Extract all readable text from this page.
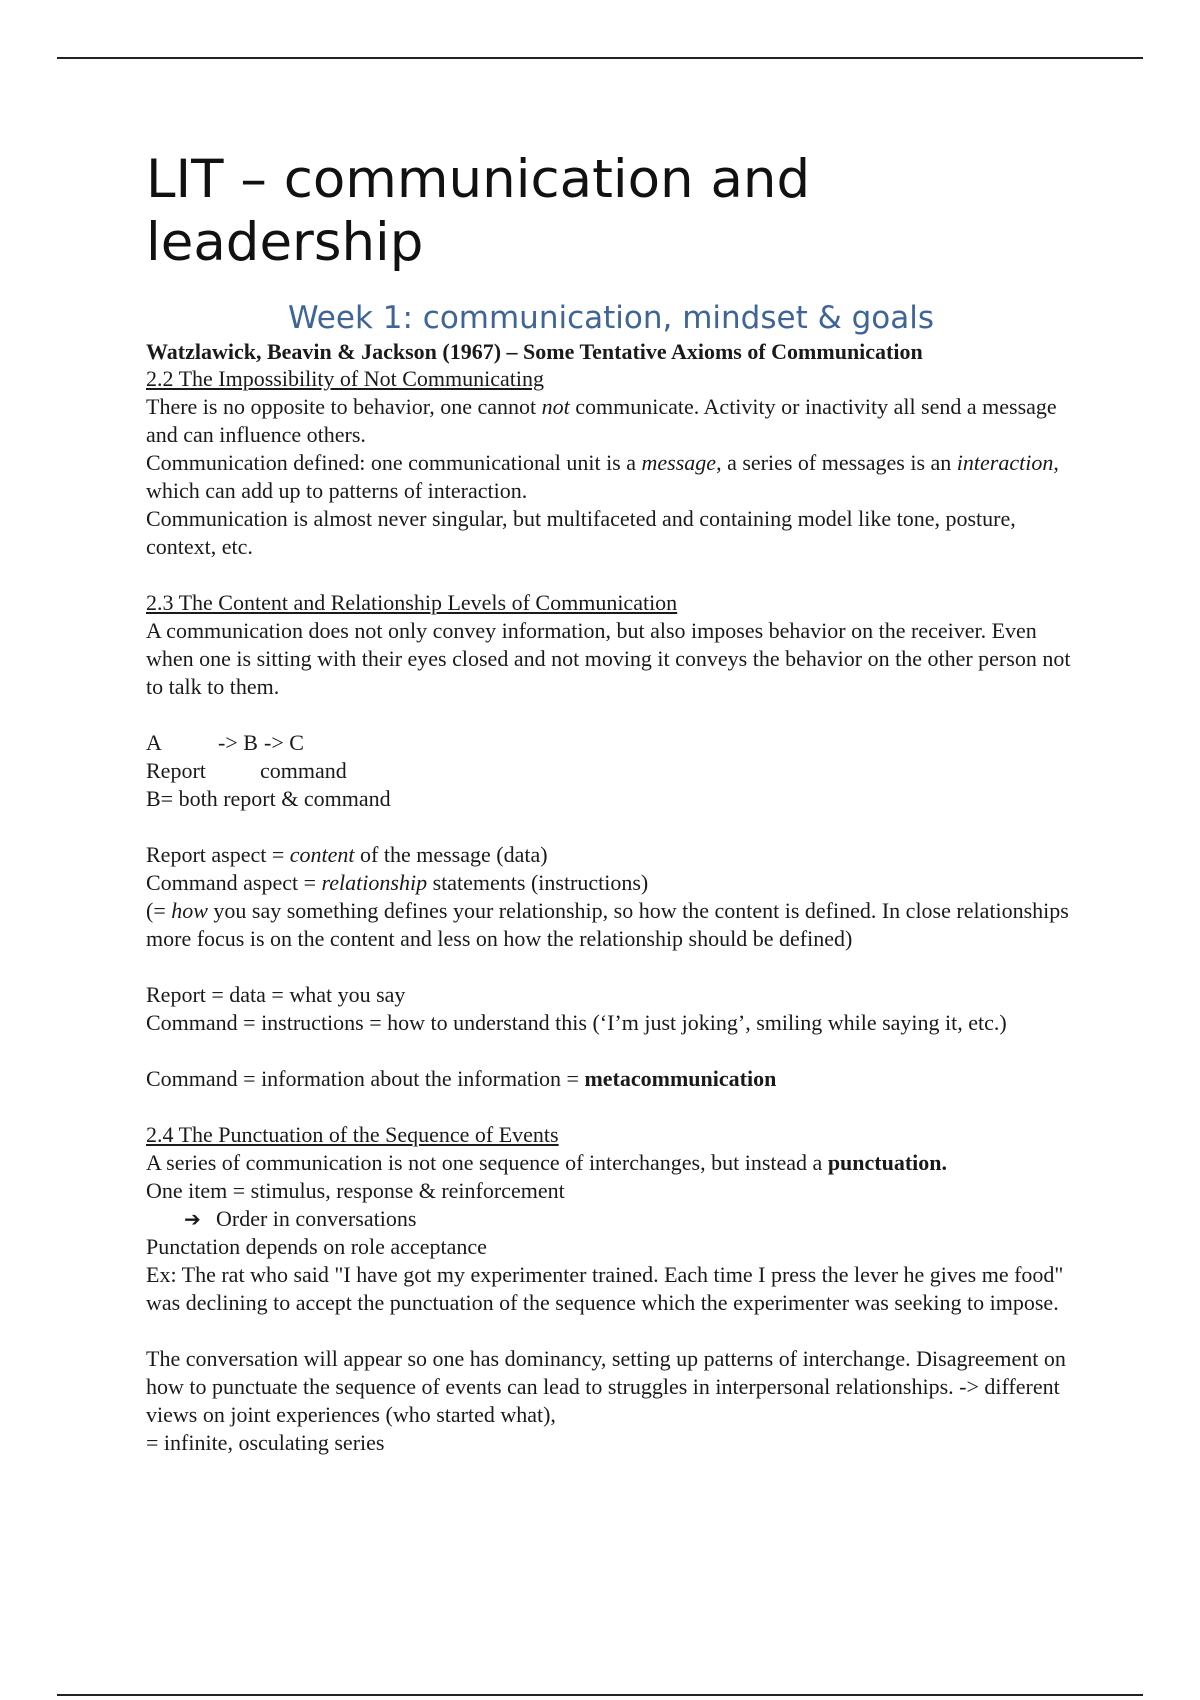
LIT – communication and leadership
Week 1: communication, mindset & goals

Watzlawick, Beavin & Jackson (1967) – Some Tentative Axioms of Communication

2.2 The Impossibility of Not Communicating

There is no opposite to behavior, one cannot not communicate. Activity or inactivity all send a message and can influence others.

Communication defined: one communicational unit is a message, a series of messages is an interaction, which can add up to patterns of interaction.

Communication is almost never singular, but multifaceted and containing model like tone, posture, context, etc.

2.3 The Content and Relationship Levels of Communication

A communication does not only convey information, but also imposes behavior on the receiver. Even when one is sitting with their eyes closed and not moving it conveys the behavior on the other person not to talk to them.

A	-> B -> C

Report command

B= both report & command

Report aspect = content of the message (data)

Command aspect = relationship statements (instructions)

(= how you say something defines your relationship, so how the content is defined. In close relationships more focus is on the content and less on how the relationship should be defined)

Report = data = what you say

Command = instructions = how to understand this (‘I’m just joking’, smiling while saying it, etc.)

Command = information about the information = metacommunication

2.4 The Punctuation of the Sequence of Events

A series of communication is not one sequence of interchanges, but instead a punctuation.

One item = stimulus, response & reinforcement

➔ Order in conversations

Punctation depends on role acceptance

Ex: The rat who said "I have got my experimenter trained. Each time I press the lever he gives me food" was declining to accept the punctuation of the sequence which the experimenter was seeking to impose.

The conversation will appear so one has dominancy, setting up patterns of interchange. Disagreement on how to punctuate the sequence of events can lead to struggles in interpersonal relationships. -> different views on joint experiences (who started what),

= infinite, osculating series
